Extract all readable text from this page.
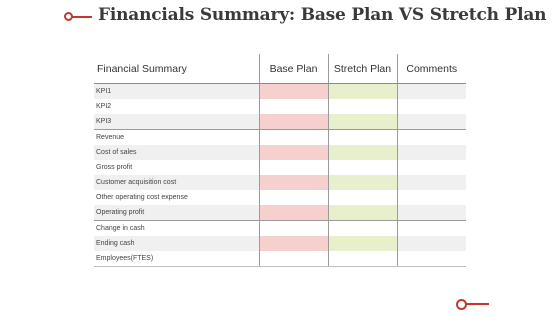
Financials Summary: Base Plan VS Stretch Plan
Financial Summary	Base Plan	Stretch Plan	Comments
KPI1			
KPI2			
KPI3			
Revenue			
Cost of sales			
Gross profit			
Customer acquisition cost			
Other operating cost expense			
Operating profit			
Change in cash			
Ending cash			
Employees(FTES)			
